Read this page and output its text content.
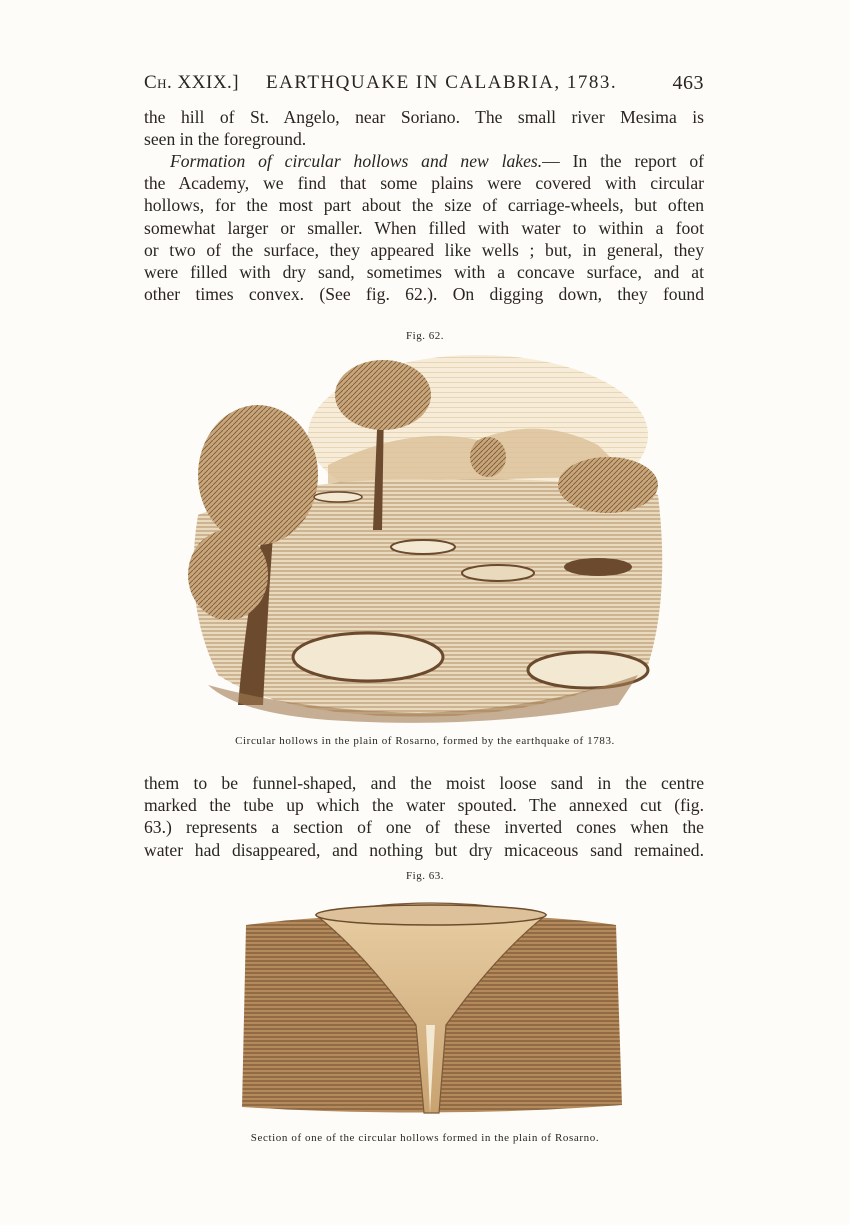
Ch. XXIX.] EARTHQUAKE IN CALABRIA, 1783.	463
the hill of St. Angelo, near Soriano. The small river Mesima is
seen in the foreground.
Formation of circular hollows and new lakes.— In the report of
the Academy, we find that some plains were covered with circular
hollows, for the most part about the size of carriage-wheels, but often
somewhat larger or smaller. When filled with water to within a foot
or two of the surface, they appeared like wells ; but, in general, they
were filled with dry sand, sometimes with a concave surface, and at
other times convex. (See fig. 62.). On digging down, they found
Fig. 62.
Circular hollows in the plain of Rosarno, formed by the earthquake of 1783.
them to be funnel-shaped, and the moist loose sand in the centre
marked the tube up which the water spouted. The annexed cut (fig.
63.) represents a section of one of these inverted cones when the
water had disappeared, and nothing but dry micaceous sand remained.
Fig. 63.
Section of one of the circular hollows formed in the plain of Rosarno.
